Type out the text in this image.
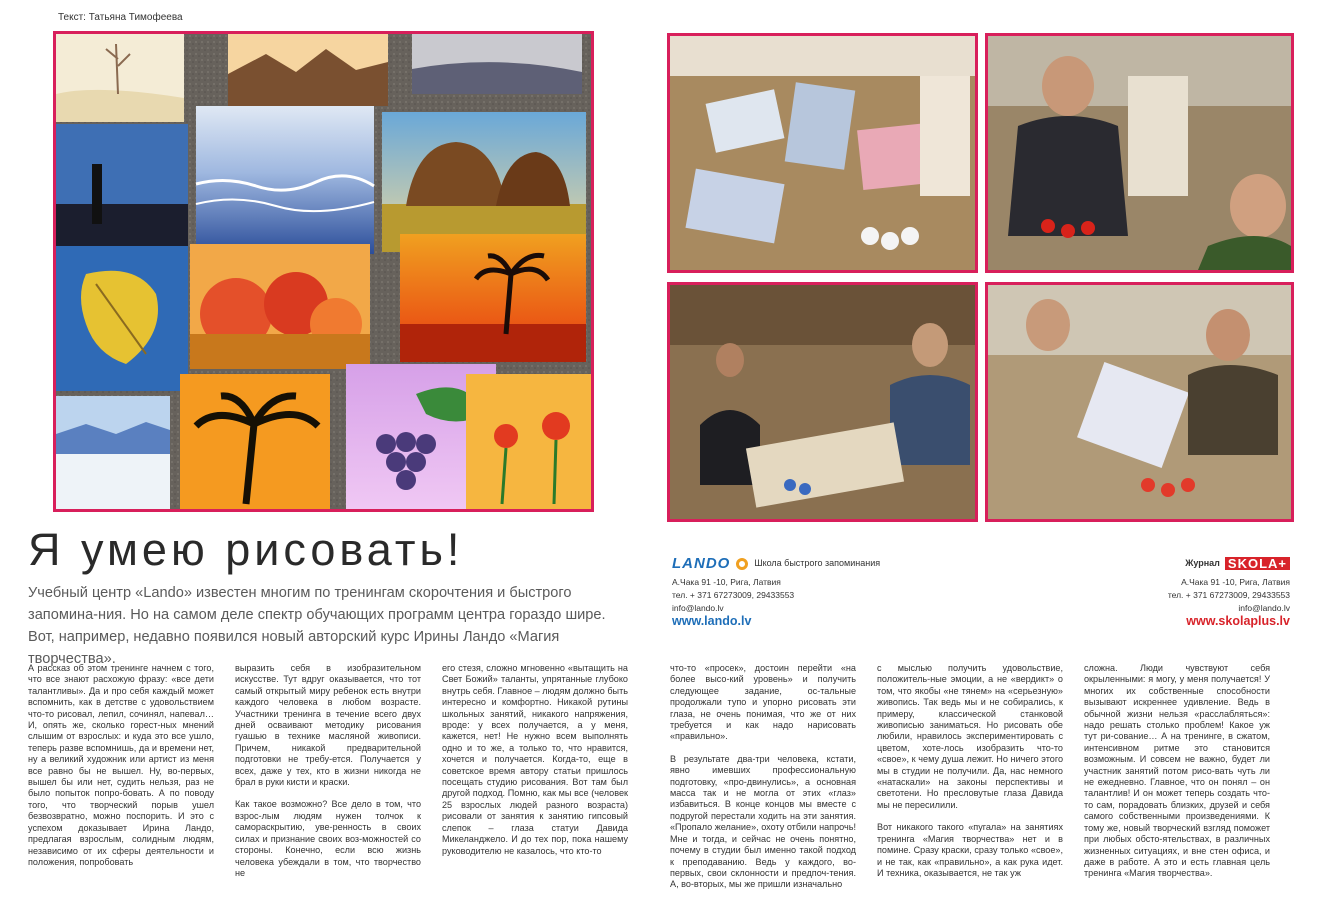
Текст: Татьяна Тимофеева
Я умею рисовать!
Учебный центр «Lando» известен многим по тренингам скорочтения и быстрого запомина-ния. Но на самом деле спектр обучающих программ центра гораздо шире. Вот, например, недавно появился новый авторский курс Ирины Ландо «Магия творчества».
LANDO	Школа быстрого запоминания
А.Чака 91 -10, Рига, Латвия
тел. + 371 67273009, 29433553
info@lando.lv
www.lando.lv
Журнал SKOLA+
А.Чака 91 -10, Рига, Латвия
тел. + 371 67273009, 29433553
info@lando.lv
www.skolaplus.lv

А рассказ об этом тренинге начнем с того, что все знают расхожую фразу: «все дети талантливы». Да и про себя каждый может вспомнить, как в детстве с удовольствием что-то рисовал, лепил, сочинял, напевал… И, опять же, сколько горест-ных мнений слышим от взрослых: и куда это все ушло, теперь разве вспомнишь, да и времени нет, ну а великий художник или артист из меня все равно бы не вышел. Ну, во-первых, вышел бы или нет, судить нельзя, раз не было попыток попро-бовать. А по поводу того, что творческий порыв ушел безвозвратно, можно поспорить. И это с успехом доказывает Ирина Ландо, предлагая взрослым, солидным людям, независимо от их сферы деятельности и положения, попробовать

выразить себя в изобразительном искусстве. Тут вдруг оказывается, что тот самый открытый миру ребенок есть внутри каждого человека в любом возрасте. Участники тренинга в течение всего двух дней осваивают методику рисования гуашью в технике масляной живописи. Причем, никакой предварительной подготовки не требу-ется. Получается у всех, даже у тех, кто в жизни никогда не брал в руки кисти и краски.

Как такое возможно? Все дело в том, что взрос-лым людям нужен толчок к самораскрытию, уве-ренность в своих силах и признание своих воз-можностей со стороны. Конечно, если всю жизнь человека убеждали в том, что творчество не

его стезя, сложно мгновенно «вытащить на Свет Божий» таланты, упрятанные глубоко внутрь себя. Главное – людям должно быть интересно и комфортно. Никакой рутины школьных занятий, никакого напряжения, вроде: у всех получается, а у меня, кажется, нет! Не нужно всем выполнять одно и то же, а только то, что нравится, хочется и получается. Когда-то, еще в советское время автору статьи пришлось посещать студию рисования. Вот там был другой подход. Помню, как мы все (человек 25 взрослых людей разного возраста) рисовали от занятия к занятию гипсовый слепок – глаза статуи Давида Микеланджело. И до тех пор, пока нашему руководителю не казалось, что кто-то

что-то «просек», достоин перейти «на более высо-кий уровень» и получить следующее задание, ос-тальные продолжали тупо и упорно рисовать эти глаза, не очень понимая, что же от них требуется и как надо нарисовать «правильно».

В результате два-три человека, кстати, явно имевших профессиональную подготовку, «про-двинулись», а основная масса так и не могла от этих «глаз» избавиться. В конце концов мы вместе с подругой перестали ходить на эти занятия. «Пропало желание», охоту отбили напрочь! Мне и тогда, и сейчас не очень понятно, почему в студии был именно такой подход к преподаванию. Ведь у каждого, во-первых, свои склонности и предпоч-тения. А, во-вторых, мы же пришли изначально

с мыслью получить удовольствие, положитель-ные эмоции, а не «вердикт» о том, что якобы «не тянем» на «серьезную» живопись. Так ведь мы и не собирались, к примеру, классической станковой живописью заниматься. Но рисовать обе любили, нравилось экспериментировать с цветом, хоте-лось изобразить что-то «свое», к чему душа лежит. Но ничего этого мы в студии не получили. Да, нас немного «натаскали» на законы перспективы и светотени. Но пресловутые глаза Давида мы не пересилили.

Вот никакого такого «пугала» на занятиях тренинга «Магия творчества» нет и в помине. Сразу краски, сразу только «свое», и не так, как «правильно», а как рука идет. И техника, оказывается, не так уж

сложна. Люди чувствуют себя окрыленными: я могу, у меня получается! У многих их собственные способности вызывают искреннее удивление. Ведь в обычной жизни нельзя «расслабляться»: надо решать столько проблем! Какое уж тут ри-сование… А на тренинге, в сжатом, интенсивном ритме это становится возможным. И совсем не важно, будет ли участник занятий потом рисо-вать чуть ли не ежедневно. Главное, что он понял – он талантлив! И он может теперь создать что-то сам, порадовать близких, друзей и себя самого собственными произведениями. К тому же, новый творческий взгляд поможет при любых обсто-ятельствах, в различных жизненных ситуациях, и вне стен офиса, и даже в работе. А это и есть главная цель тренинга «Магия творчества».
